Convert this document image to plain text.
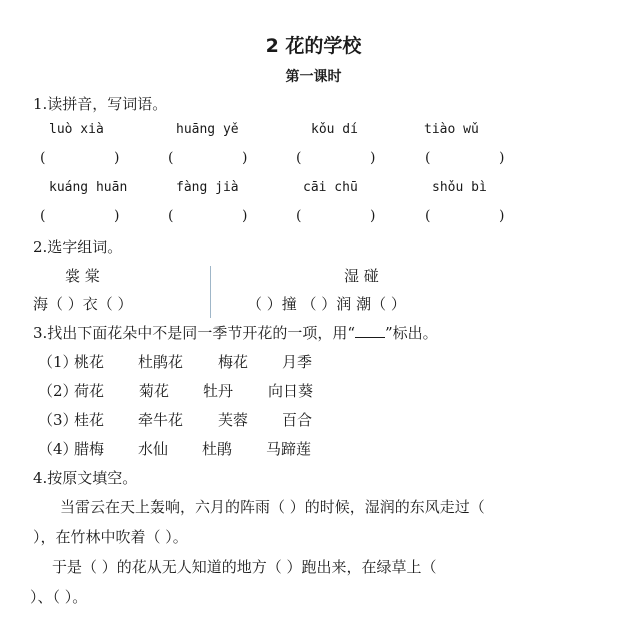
2 花的学校
第一课时
1.读拼音，写词语。
luò xià	huāng yě	kǒu dí	tiào wǔ
(	)	(	)	(	)	(	)
kuáng huān	fàng jià	cāi chū	shǒu bì
(	)	(	)	(	)	(	)
2.选字组词。
裳 棠
海（ ）衣（ ）
湿 碰
（ ）撞 （ ）润 潮（ ）
3.找出下面花朵中不是同一季节开花的一项，用“ ”标出。
（1）
桃花 杜鹃花 梅花 月季
（2）
荷花 菊花 牡丹 向日葵
（3）
桂花 牵牛花 芙蓉 百合
（4）
腊梅 水仙 杜鹃 马蹄莲
4.按原文填空。
当雷云在天上轰响，六月的阵雨（ ）的时候，湿润的东风走过（
），在竹林中吹着（ ）。
于是（ ）的花从无人知道的地方（ ）跑出来，在绿草上（
）、（ ）。
